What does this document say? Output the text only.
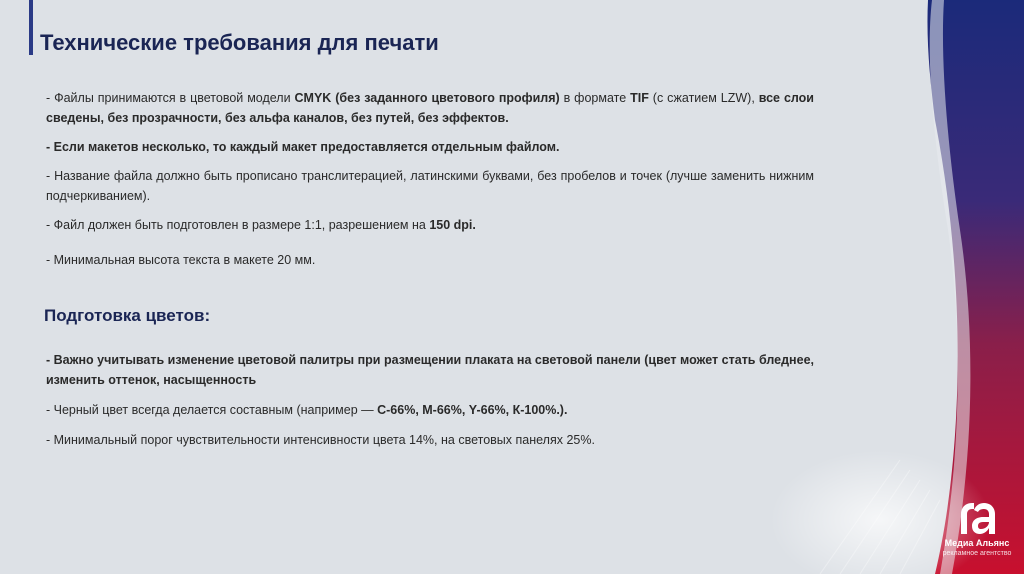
Технические требования для печати
- Файлы принимаются в цветовой модели CMYK (без заданного цветового профиля) в формате TIF (с сжатием LZW), все слои сведены, без прозрачности, без альфа каналов, без путей, без эффектов.
- Если макетов несколько, то каждый макет предоставляется отдельным файлом.
- Название файла должно быть прописано транслитерацией, латинскими буквами, без пробелов и точек (лучше заменить нижним подчеркиванием).
- Файл должен быть подготовлен в размере 1:1, разрешением на 150 dpi.
- Минимальная высота текста в макете 20 мм.
Подготовка цветов:
- Важно учитывать изменение цветовой палитры при размещении плаката на световой панели (цвет может стать бледнее, изменить оттенок, насыщенность
- Черный цвет всегда делается составным (например — С-66%, М-66%, Y-66%, К-100%.).
- Минимальный порог чувствительности интенсивности цвета 14%, на световых панелях 25%.
Медиа Альянс
рекламное агентство
